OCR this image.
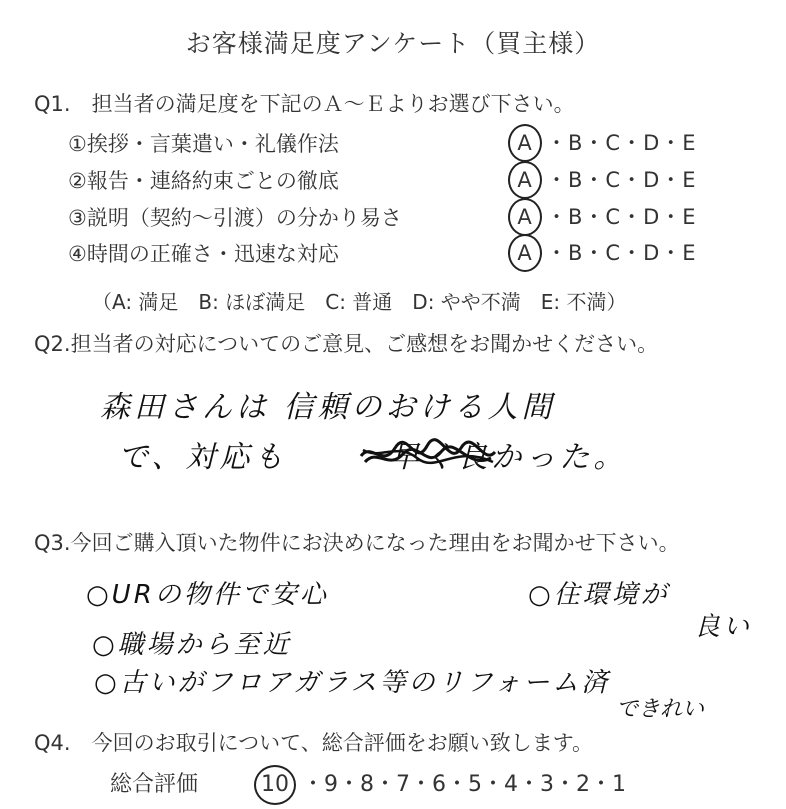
お客様満足度アンケート（買主様）
Q1.　担当者の満足度を下記のＡ～Ｅよりお選び下さい。
①挨拶・言葉遣い・礼儀作法	A ・B・C・D・E
②報告・連絡約束ごとの徹底	A ・B・C・D・E
③説明（契約～引渡）の分かり易さ	A ・B・C・D・E
④時間の正確さ・迅速な対応	A ・B・C・D・E
（A: 満足　B: ほぼ満足　C: 普通　D: やや不満　E: 不満）
Q2.担当者の対応についてのご意見、ご感想をお聞かせください。
森田さんは 信頼のおける人間
で、対応も　　　早く良かった。
Q3.今回ご購入頂いた物件にお決めになった理由をお聞かせ下さい。
○URの物件で安心	○住環境が
良い
○職場から至近
○古いがフロアガラス等のリフォーム済
できれい
Q4.　今回のお取引について、総合評価をお願い致します。
総合評価	10 ・9・8・7・6・5・4・3・2・1
